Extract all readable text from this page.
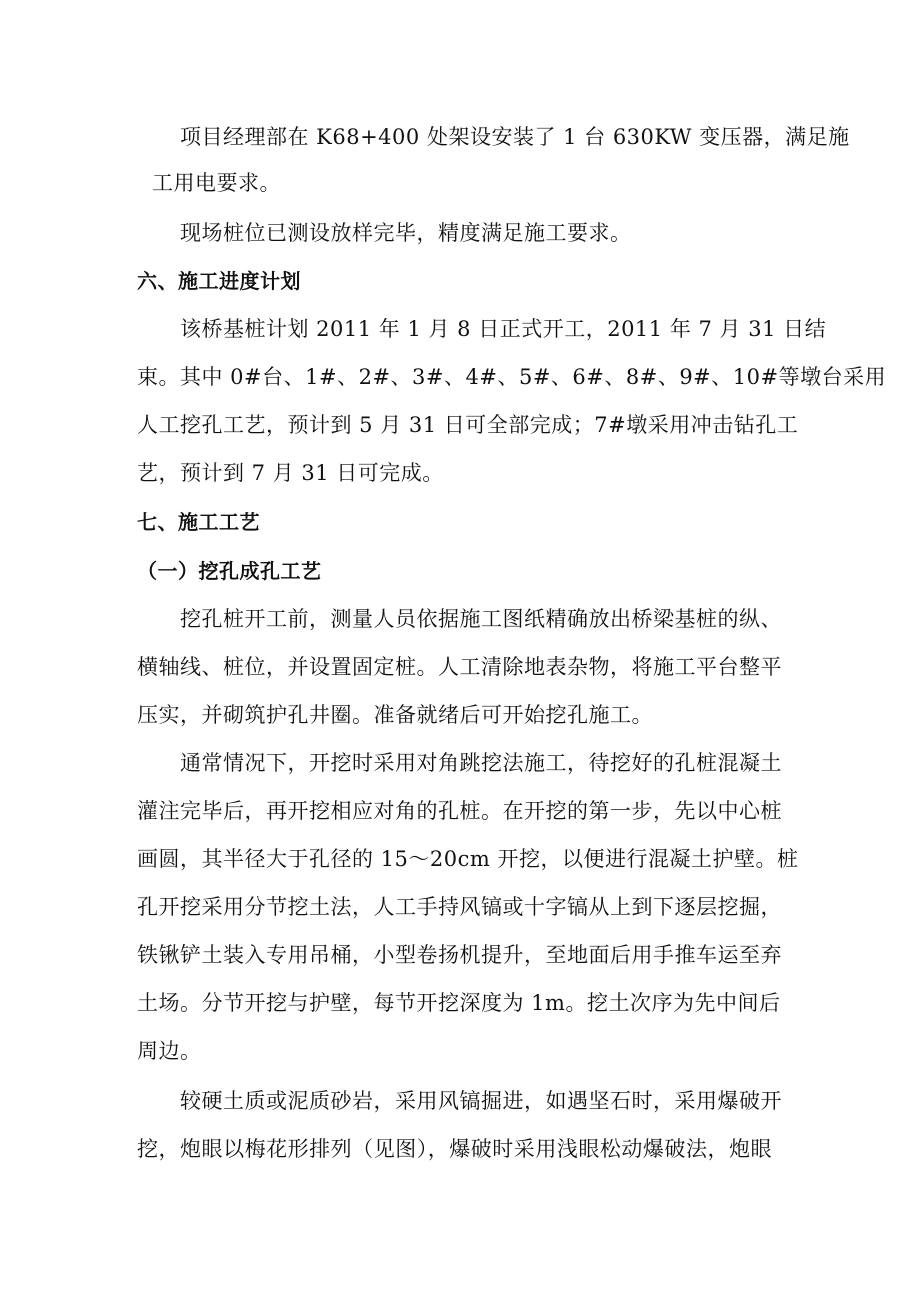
项目经理部在 K68+400 处架设安装了 1 台 630KW 变压器，满足施
工用电要求。
现场桩位已测设放样完毕，精度满足施工要求。
六、施工进度计划
该桥基桩计划 2011 年 1 月 8 日正式开工，2011 年 7 月 31 日结
束。其中 0#台、1#、2#、3#、4#、5#、6#、8#、9#、10#等墩台采用
人工挖孔工艺，预计到 5 月 31 日可全部完成；7#墩采用冲击钻孔工
艺，预计到 7 月 31 日可完成。
七、施工工艺
（一）挖孔成孔工艺
挖孔桩开工前，测量人员依据施工图纸精确放出桥梁基桩的纵、
横轴线、桩位，并设置固定桩。人工清除地表杂物，将施工平台整平
压实，并砌筑护孔井圈。准备就绪后可开始挖孔施工。
通常情况下，开挖时采用对角跳挖法施工，待挖好的孔桩混凝土
灌注完毕后，再开挖相应对角的孔桩。在开挖的第一步，先以中心桩
画圆，其半径大于孔径的 15～20cm 开挖，以便进行混凝土护壁。桩
孔开挖采用分节挖土法，人工手持风镐或十字镐从上到下逐层挖掘，
铁锹铲土装入专用吊桶，小型卷扬机提升，至地面后用手推车运至弃
土场。分节开挖与护壁，每节开挖深度为 1m。挖土次序为先中间后
周边。
较硬土质或泥质砂岩，采用风镐掘进，如遇坚石时，采用爆破开
挖，炮眼以梅花形排列（见图），爆破时采用浅眼松动爆破法，炮眼
